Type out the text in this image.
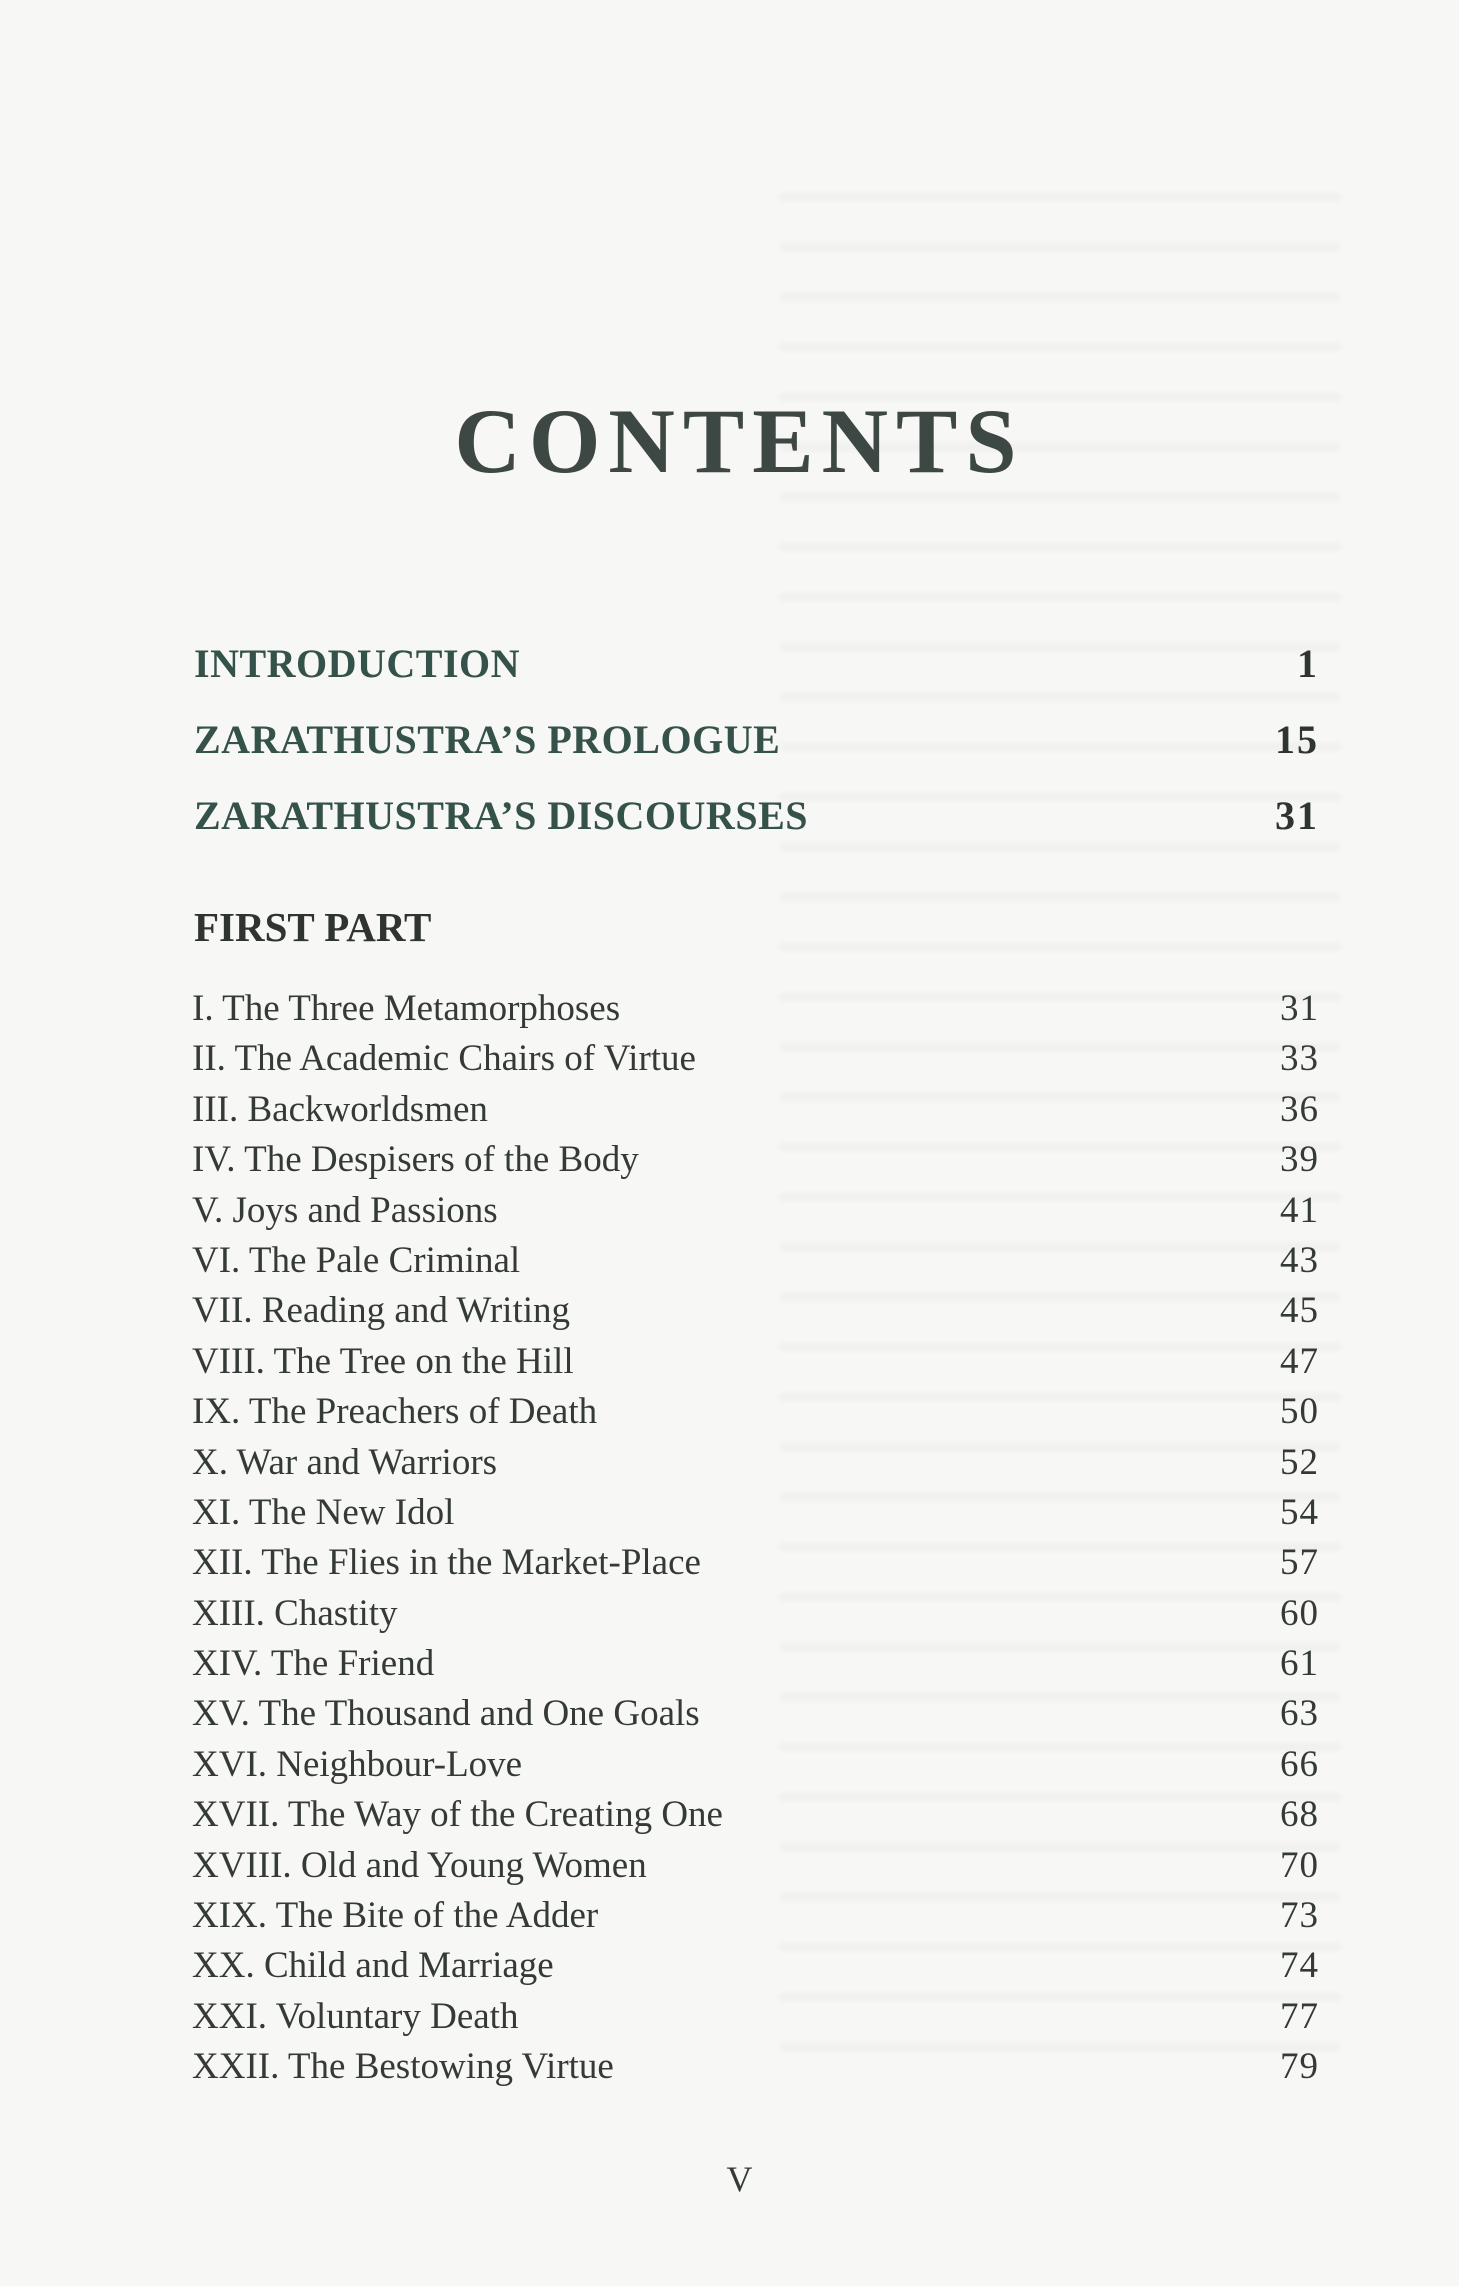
CONTENTS
INTRODUCTION	1
ZARATHUSTRA’S PROLOGUE	15
ZARATHUSTRA’S DISCOURSES	31
FIRST PART
I. The Three Metamorphoses	31
II. The Academic Chairs of Virtue	33
III. Backworldsmen	36
IV. The Despisers of the Body	39
V. Joys and Passions	41
VI. The Pale Criminal	43
VII. Reading and Writing	45
VIII. The Tree on the Hill	47
IX. The Preachers of Death	50
X. War and Warriors	52
XI. The New Idol	54
XII. The Flies in the Market-Place	57
XIII. Chastity	60
XIV. The Friend	61
XV. The Thousand and One Goals	63
XVI. Neighbour-Love	66
XVII. The Way of the Creating One	68
XVIII. Old and Young Women	70
XIX. The Bite of the Adder	73
XX. Child and Marriage	74
XXI. Voluntary Death	77
XXII. The Bestowing Virtue	79
V
